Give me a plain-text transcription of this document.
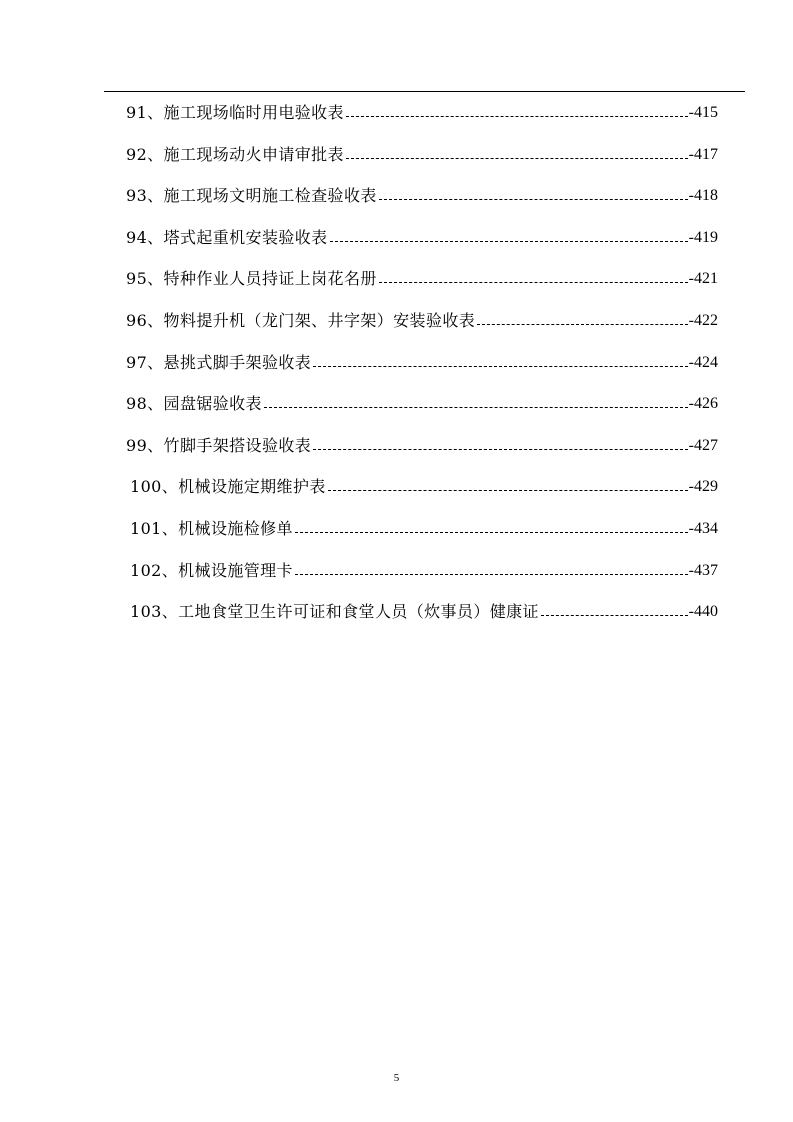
91、施工现场临时用电验收表	-415
92、施工现场动火申请审批表	-417
93、施工现场文明施工检查验收表	-418
94、塔式起重机安装验收表	-419
95、特种作业人员持证上岗花名册	-421
96、物料提升机（龙门架、井字架）安装验收表	-422
97、悬挑式脚手架验收表	-424
98、园盘锯验收表	-426
99、竹脚手架搭设验收表	-427
100、机械设施定期维护表	-429
101、机械设施检修单	-434
102、机械设施管理卡	-437
103、工地食堂卫生许可证和食堂人员（炊事员）健康证	-440
5
